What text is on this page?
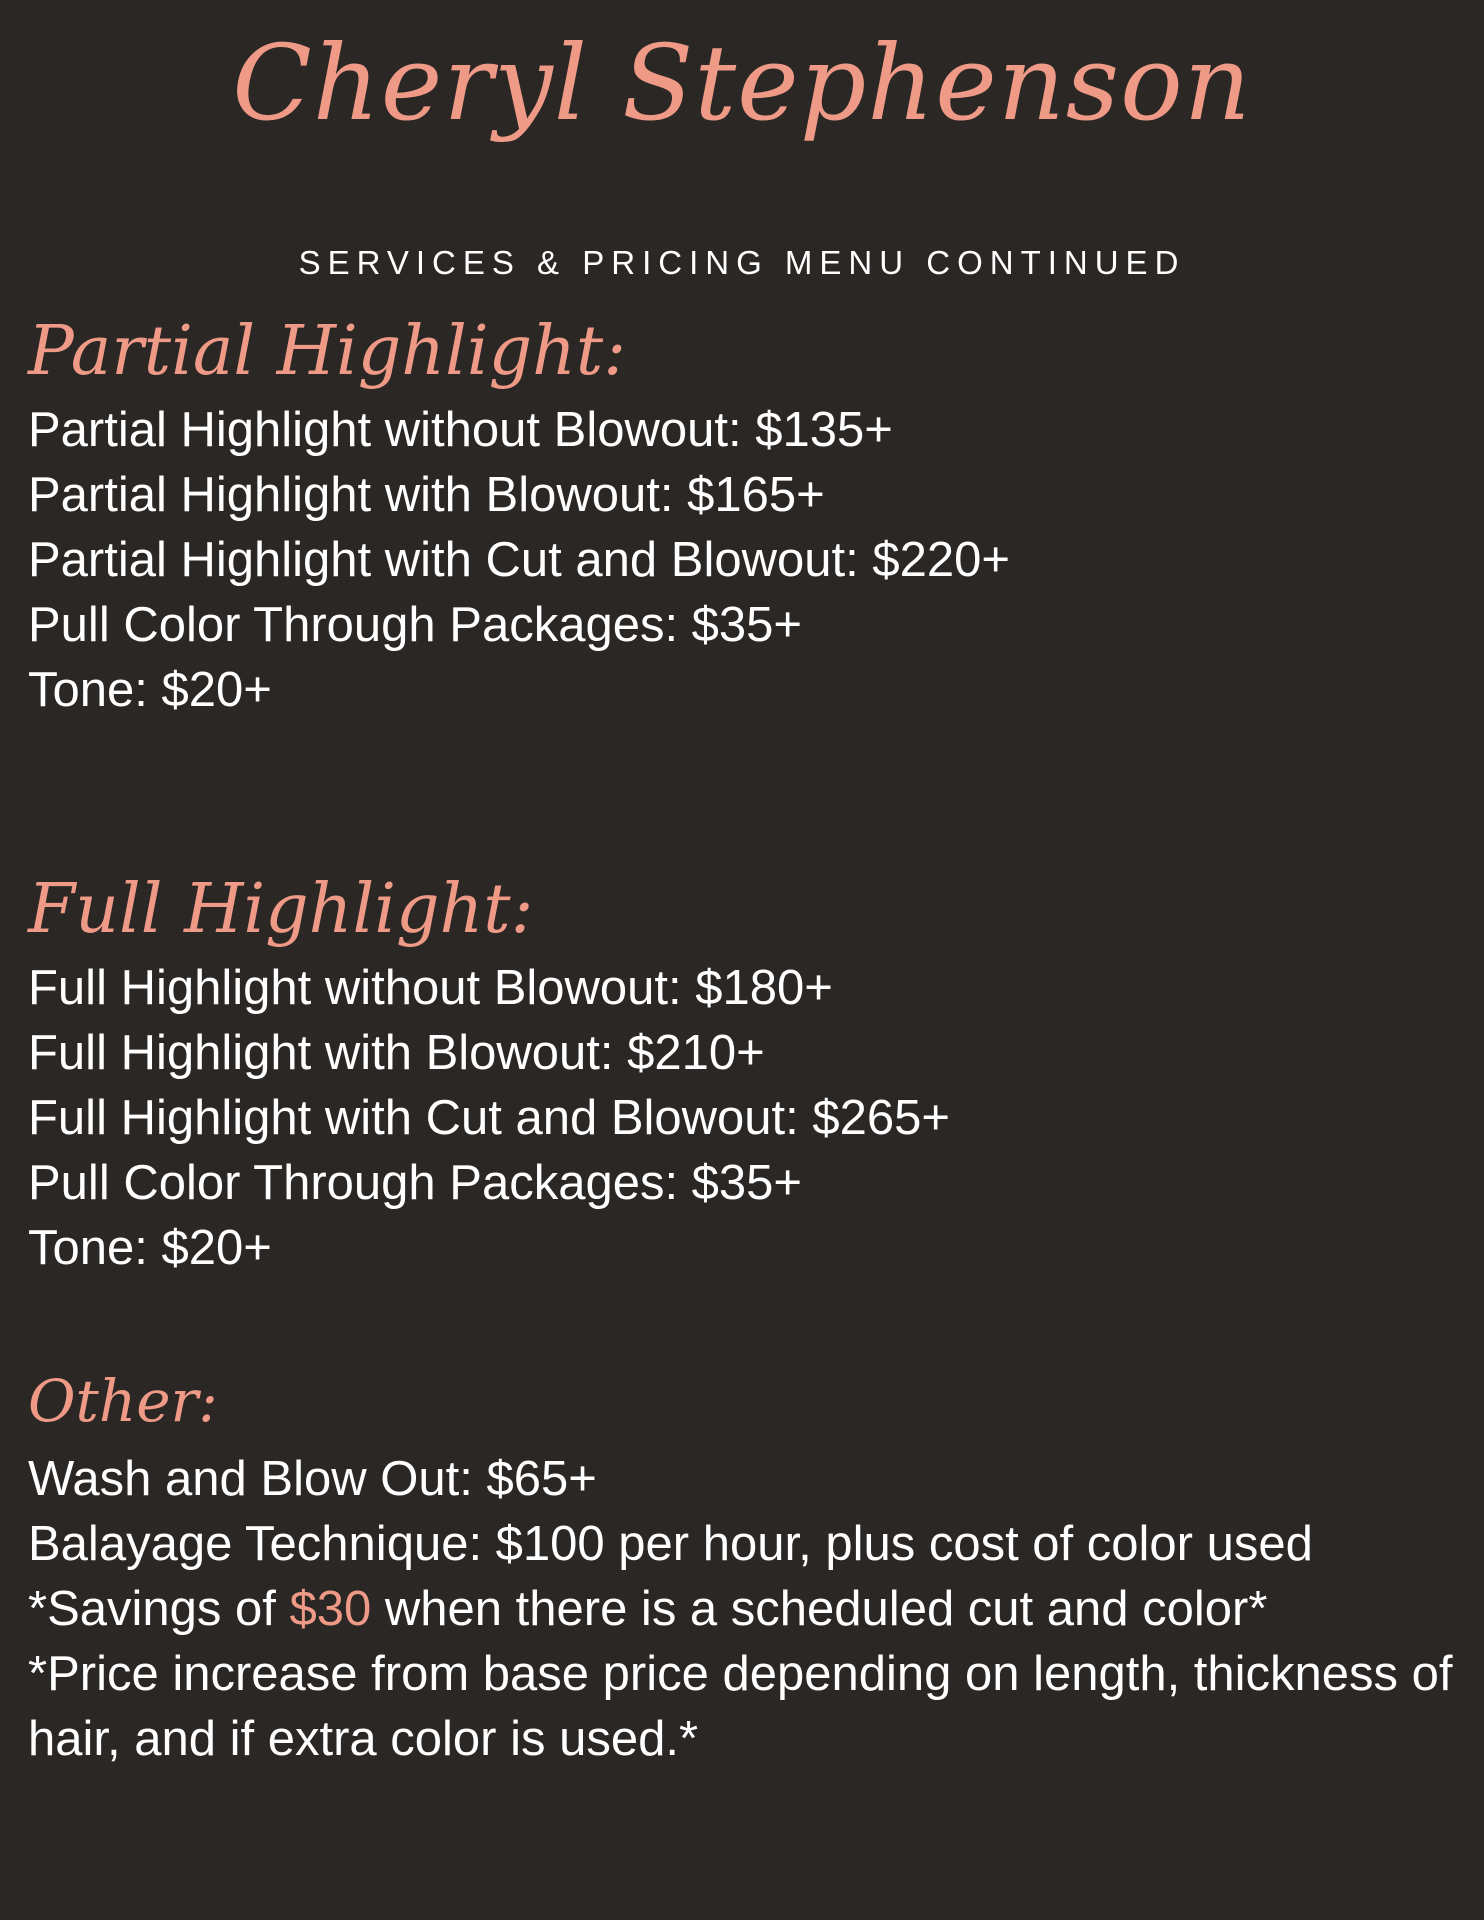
Cheryl Stephenson
SERVICES & PRICING MENU CONTINUED
Partial Highlight:
Partial Highlight without Blowout: $135+
Partial Highlight with Blowout: $165+
Partial Highlight with Cut and Blowout: $220+
Pull Color Through Packages: $35+
Tone: $20+
Full Highlight:
Full Highlight without Blowout: $180+
Full Highlight with Blowout: $210+
Full Highlight with Cut and Blowout: $265+
Pull Color Through Packages: $35+
Tone: $20+
Other:
Wash and Blow Out: $65+
Balayage Technique: $100 per hour, plus cost of color used
*Savings of $30 when there is a scheduled cut and color*
*Price increase from base price depending on length, thickness of hair, and if extra color is used.*
